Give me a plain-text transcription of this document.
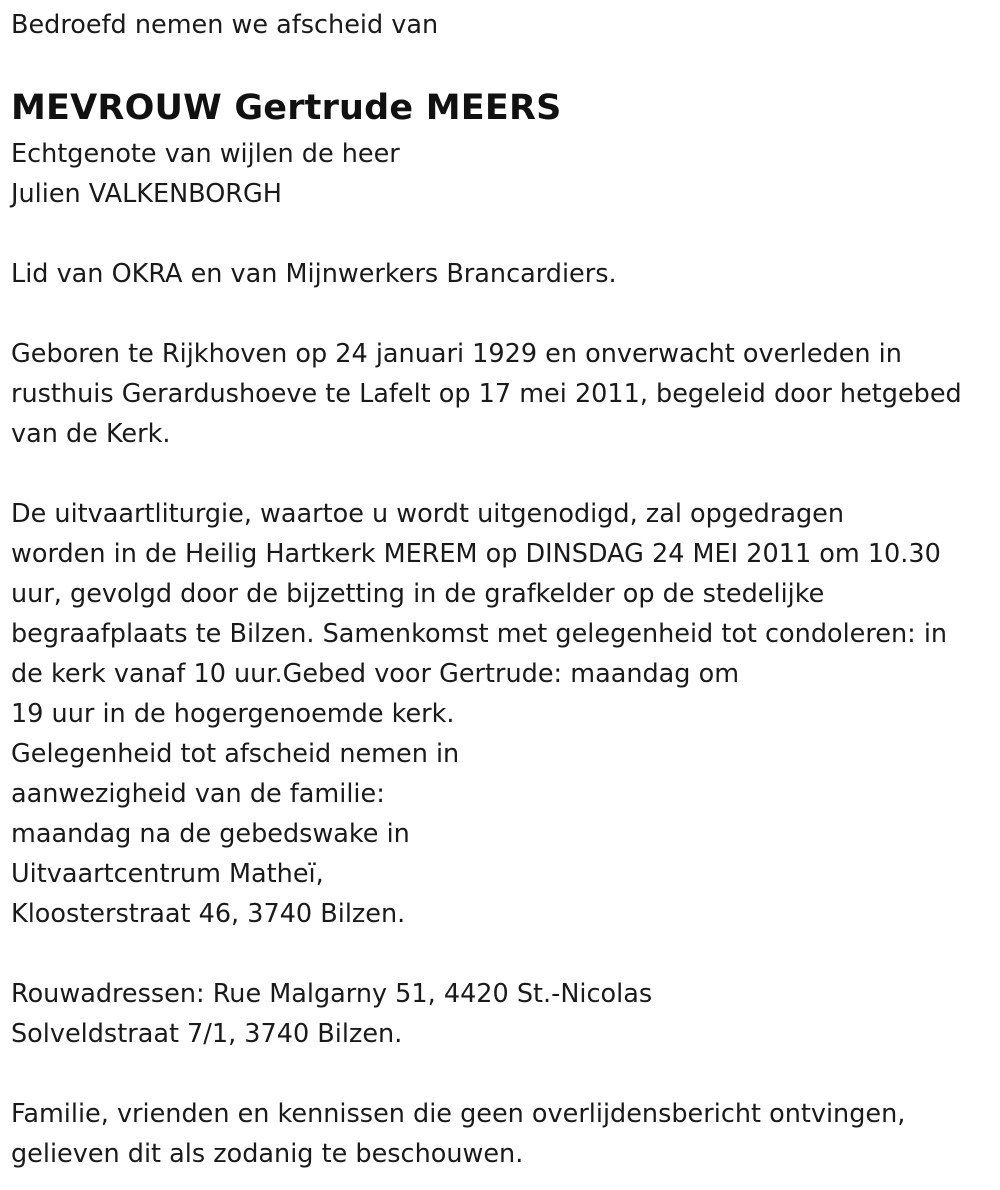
Bedroefd nemen we afscheid van
MEVROUW Gertrude MEERS
Echtgenote van wijlen de heer
Julien VALKENBORGH
Lid van OKRA en van Mijnwerkers Brancardiers.
Geboren te Rijkhoven op 24 januari 1929 en onverwacht overleden in
rusthuis Gerardushoeve te Lafelt op 17 mei 2011, begeleid door hetgebed
van de Kerk.
De uitvaartliturgie, waartoe u wordt uitgenodigd, zal opgedragen
worden in de Heilig Hartkerk MEREM op DINSDAG 24 MEI 2011 om 10.30
uur, gevolgd door de bijzetting in de grafkelder op de stedelijke
begraafplaats te Bilzen. Samenkomst met gelegenheid tot condoleren: in
de kerk vanaf 10 uur.Gebed voor Gertrude: maandag om
19 uur in de hogergenoemde kerk.
Gelegenheid tot afscheid nemen in
aanwezigheid van de familie:
maandag na de gebedswake in
Uitvaartcentrum Matheï,
Kloosterstraat 46, 3740 Bilzen.
Rouwadressen: Rue Malgarny 51, 4420 St.-Nicolas
Solveldstraat 7/1, 3740 Bilzen.
Familie, vrienden en kennissen die geen overlijdensbericht ontvingen,
gelieven dit als zodanig te beschouwen.
